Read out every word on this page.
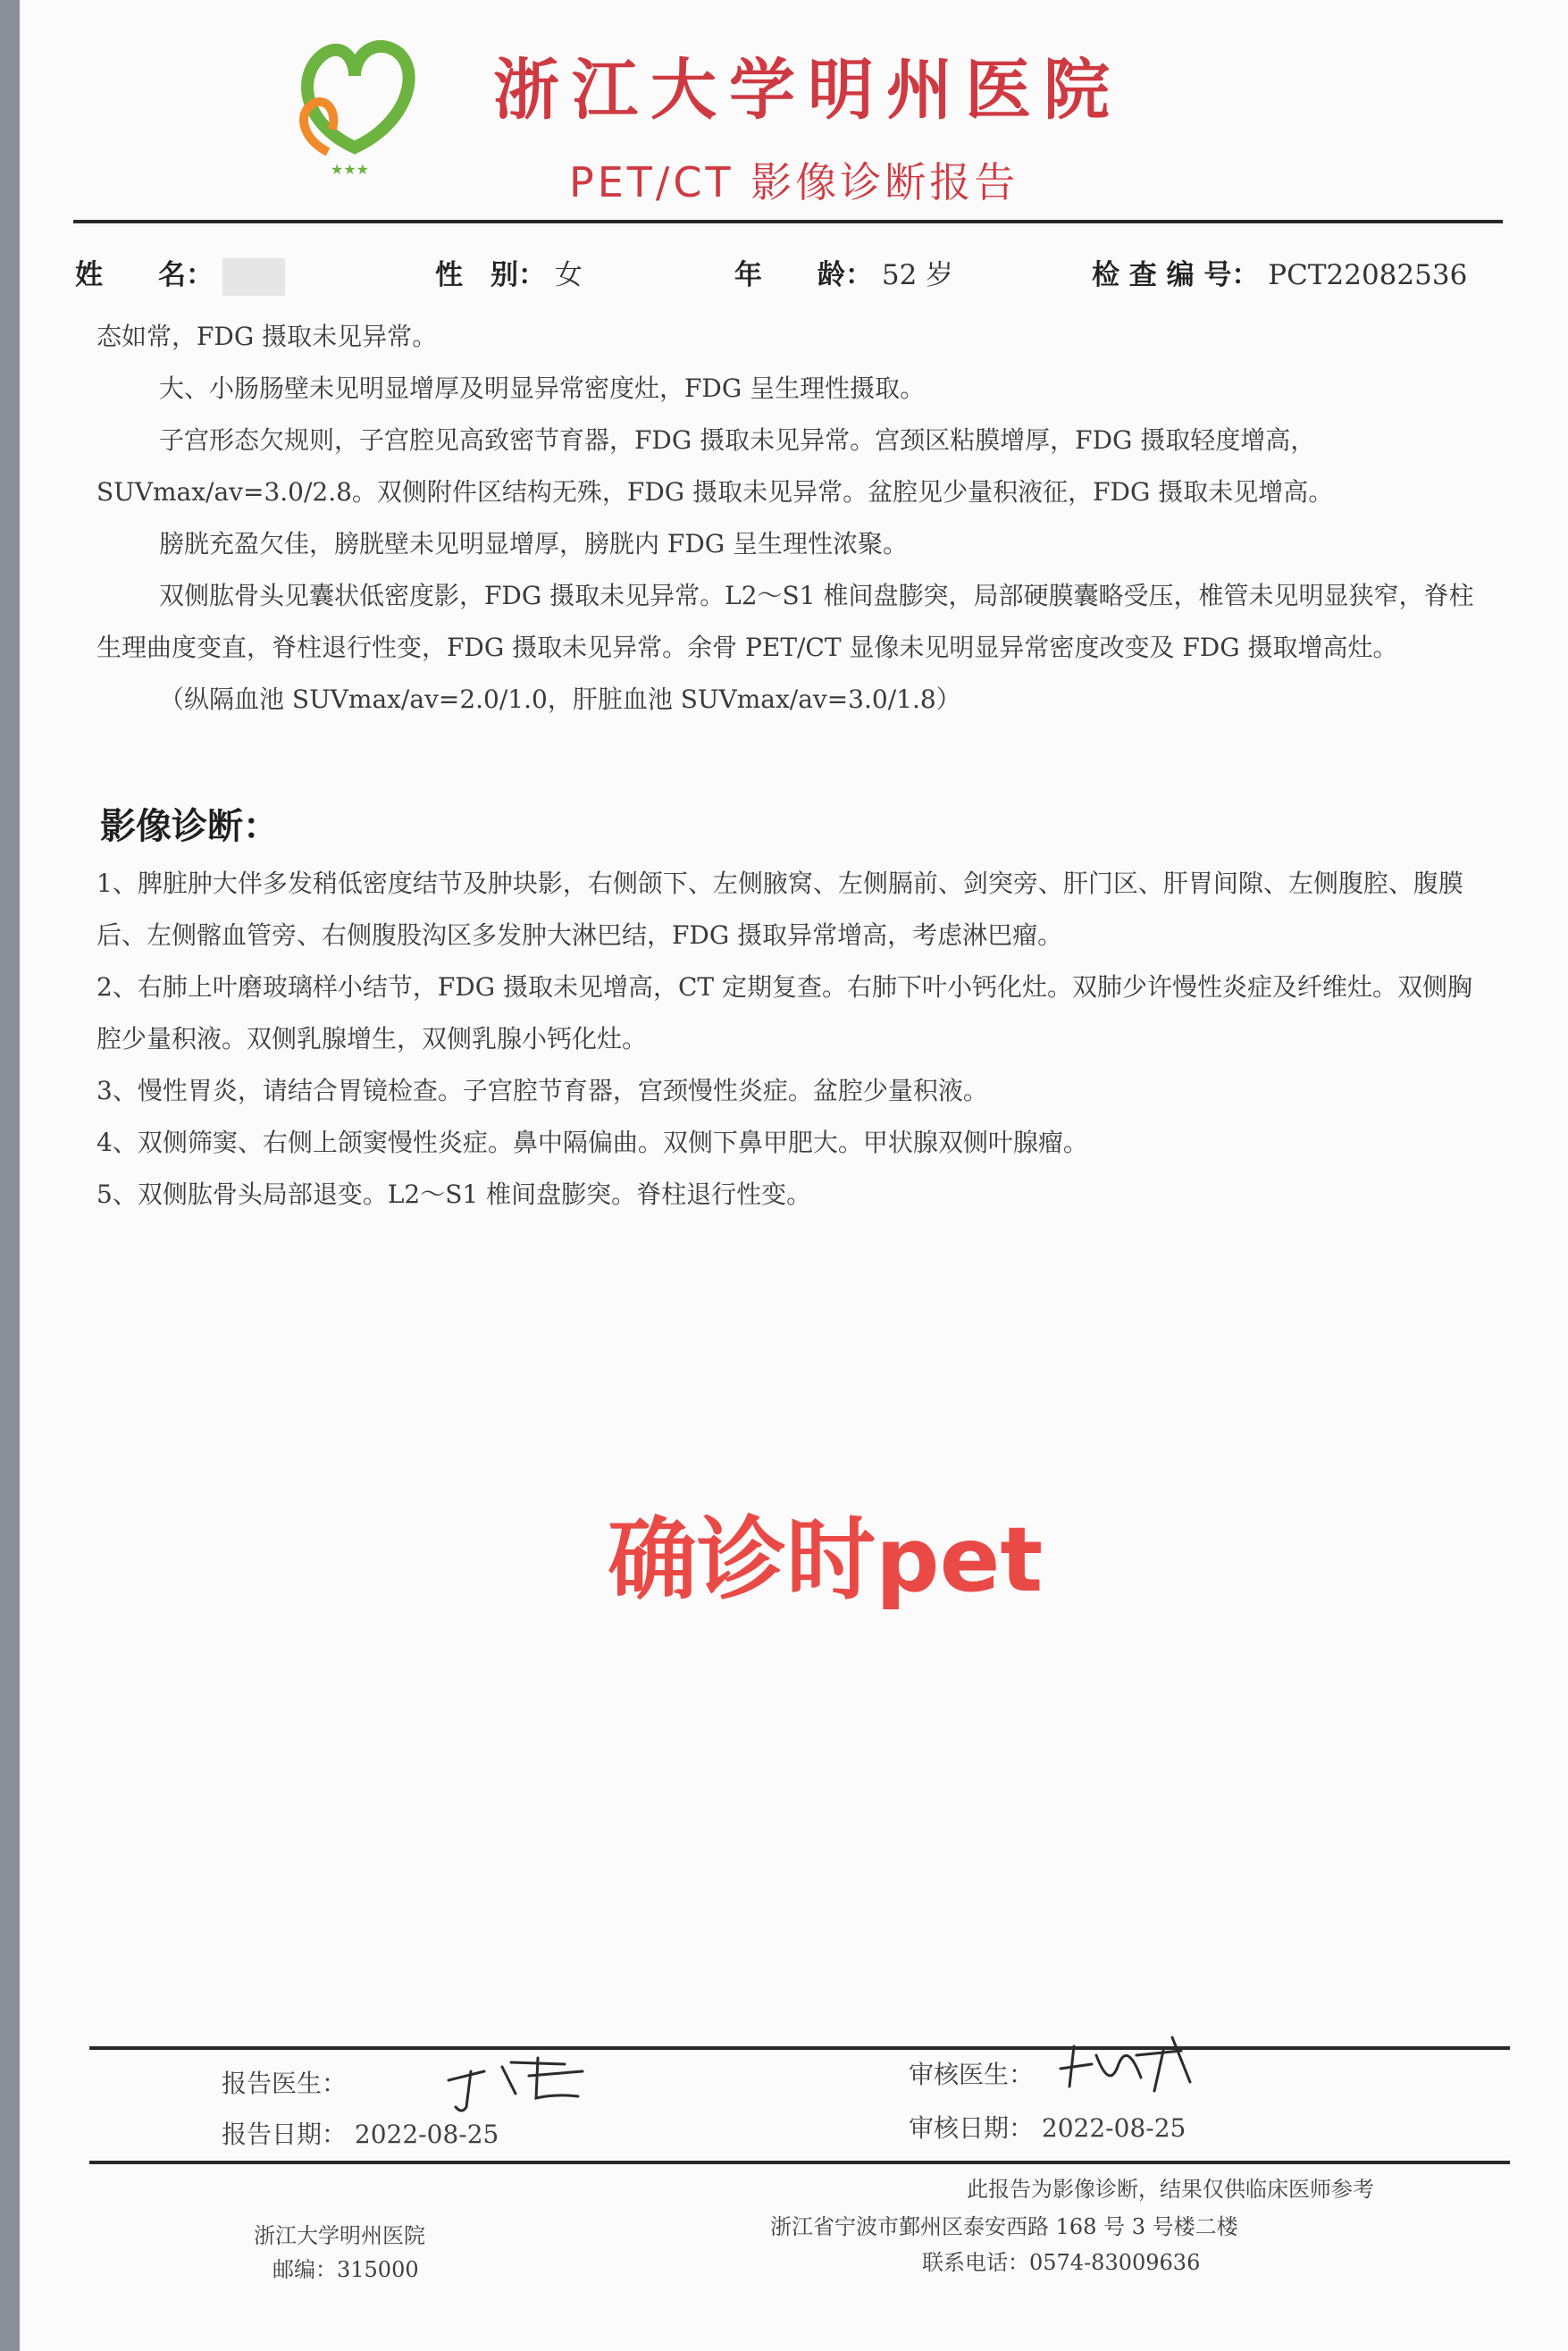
★★★
浙江大学明州医院
PET/CT 影像诊断报告
姓　　名：	性　别： 女	年　　龄： 52 岁	检 查 编 号： PCT22082536

态如常，FDG 摄取未见异常。

大、小肠肠壁未见明显增厚及明显异常密度灶，FDG 呈生理性摄取。

子宫形态欠规则，子宫腔见高致密节育器，FDG 摄取未见异常。宫颈区粘膜增厚，FDG 摄取轻度增高，SUVmax/av=3.0/2.8。双侧附件区结构无殊，FDG 摄取未见异常。盆腔见少量积液征，FDG 摄取未见增高。

膀胱充盈欠佳，膀胱壁未见明显增厚，膀胱内 FDG 呈生理性浓聚。

双侧肱骨头见囊状低密度影，FDG 摄取未见异常。L2～S1 椎间盘膨突，局部硬膜囊略受压，椎管未见明显狭窄，脊柱生理曲度变直，脊柱退行性变，FDG 摄取未见异常。余骨 PET/CT 显像未见明显异常密度改变及 FDG 摄取增高灶。

（纵隔血池 SUVmax/av=2.0/1.0，肝脏血池 SUVmax/av=3.0/1.8）

影像诊断：

1、脾脏肿大伴多发稍低密度结节及肿块影，右侧颌下、左侧腋窝、左侧膈前、剑突旁、肝门区、肝胃间隙、左侧腹腔、腹膜后、左侧髂血管旁、右侧腹股沟区多发肿大淋巴结，FDG 摄取异常增高，考虑淋巴瘤。

2、右肺上叶磨玻璃样小结节，FDG 摄取未见增高，CT 定期复查。右肺下叶小钙化灶。双肺少许慢性炎症及纤维灶。双侧胸腔少量积液。双侧乳腺增生，双侧乳腺小钙化灶。

3、慢性胃炎，请结合胃镜检查。子宫腔节育器，宫颈慢性炎症。盆腔少量积液。

4、双侧筛窦、右侧上颌窦慢性炎症。鼻中隔偏曲。双侧下鼻甲肥大。甲状腺双侧叶腺瘤。

5、双侧肱骨头局部退变。L2～S1 椎间盘膨突。脊柱退行性变。

确诊时pet
报告医生：
报告日期： 2022-08-25
审核医生：
审核日期： 2022-08-25
此报告为影像诊断，结果仅供临床医师参考
浙江大学明州医院
邮编：315000
浙江省宁波市鄞州区泰安西路 168 号 3 号楼二楼
联系电话：0574-83009636
